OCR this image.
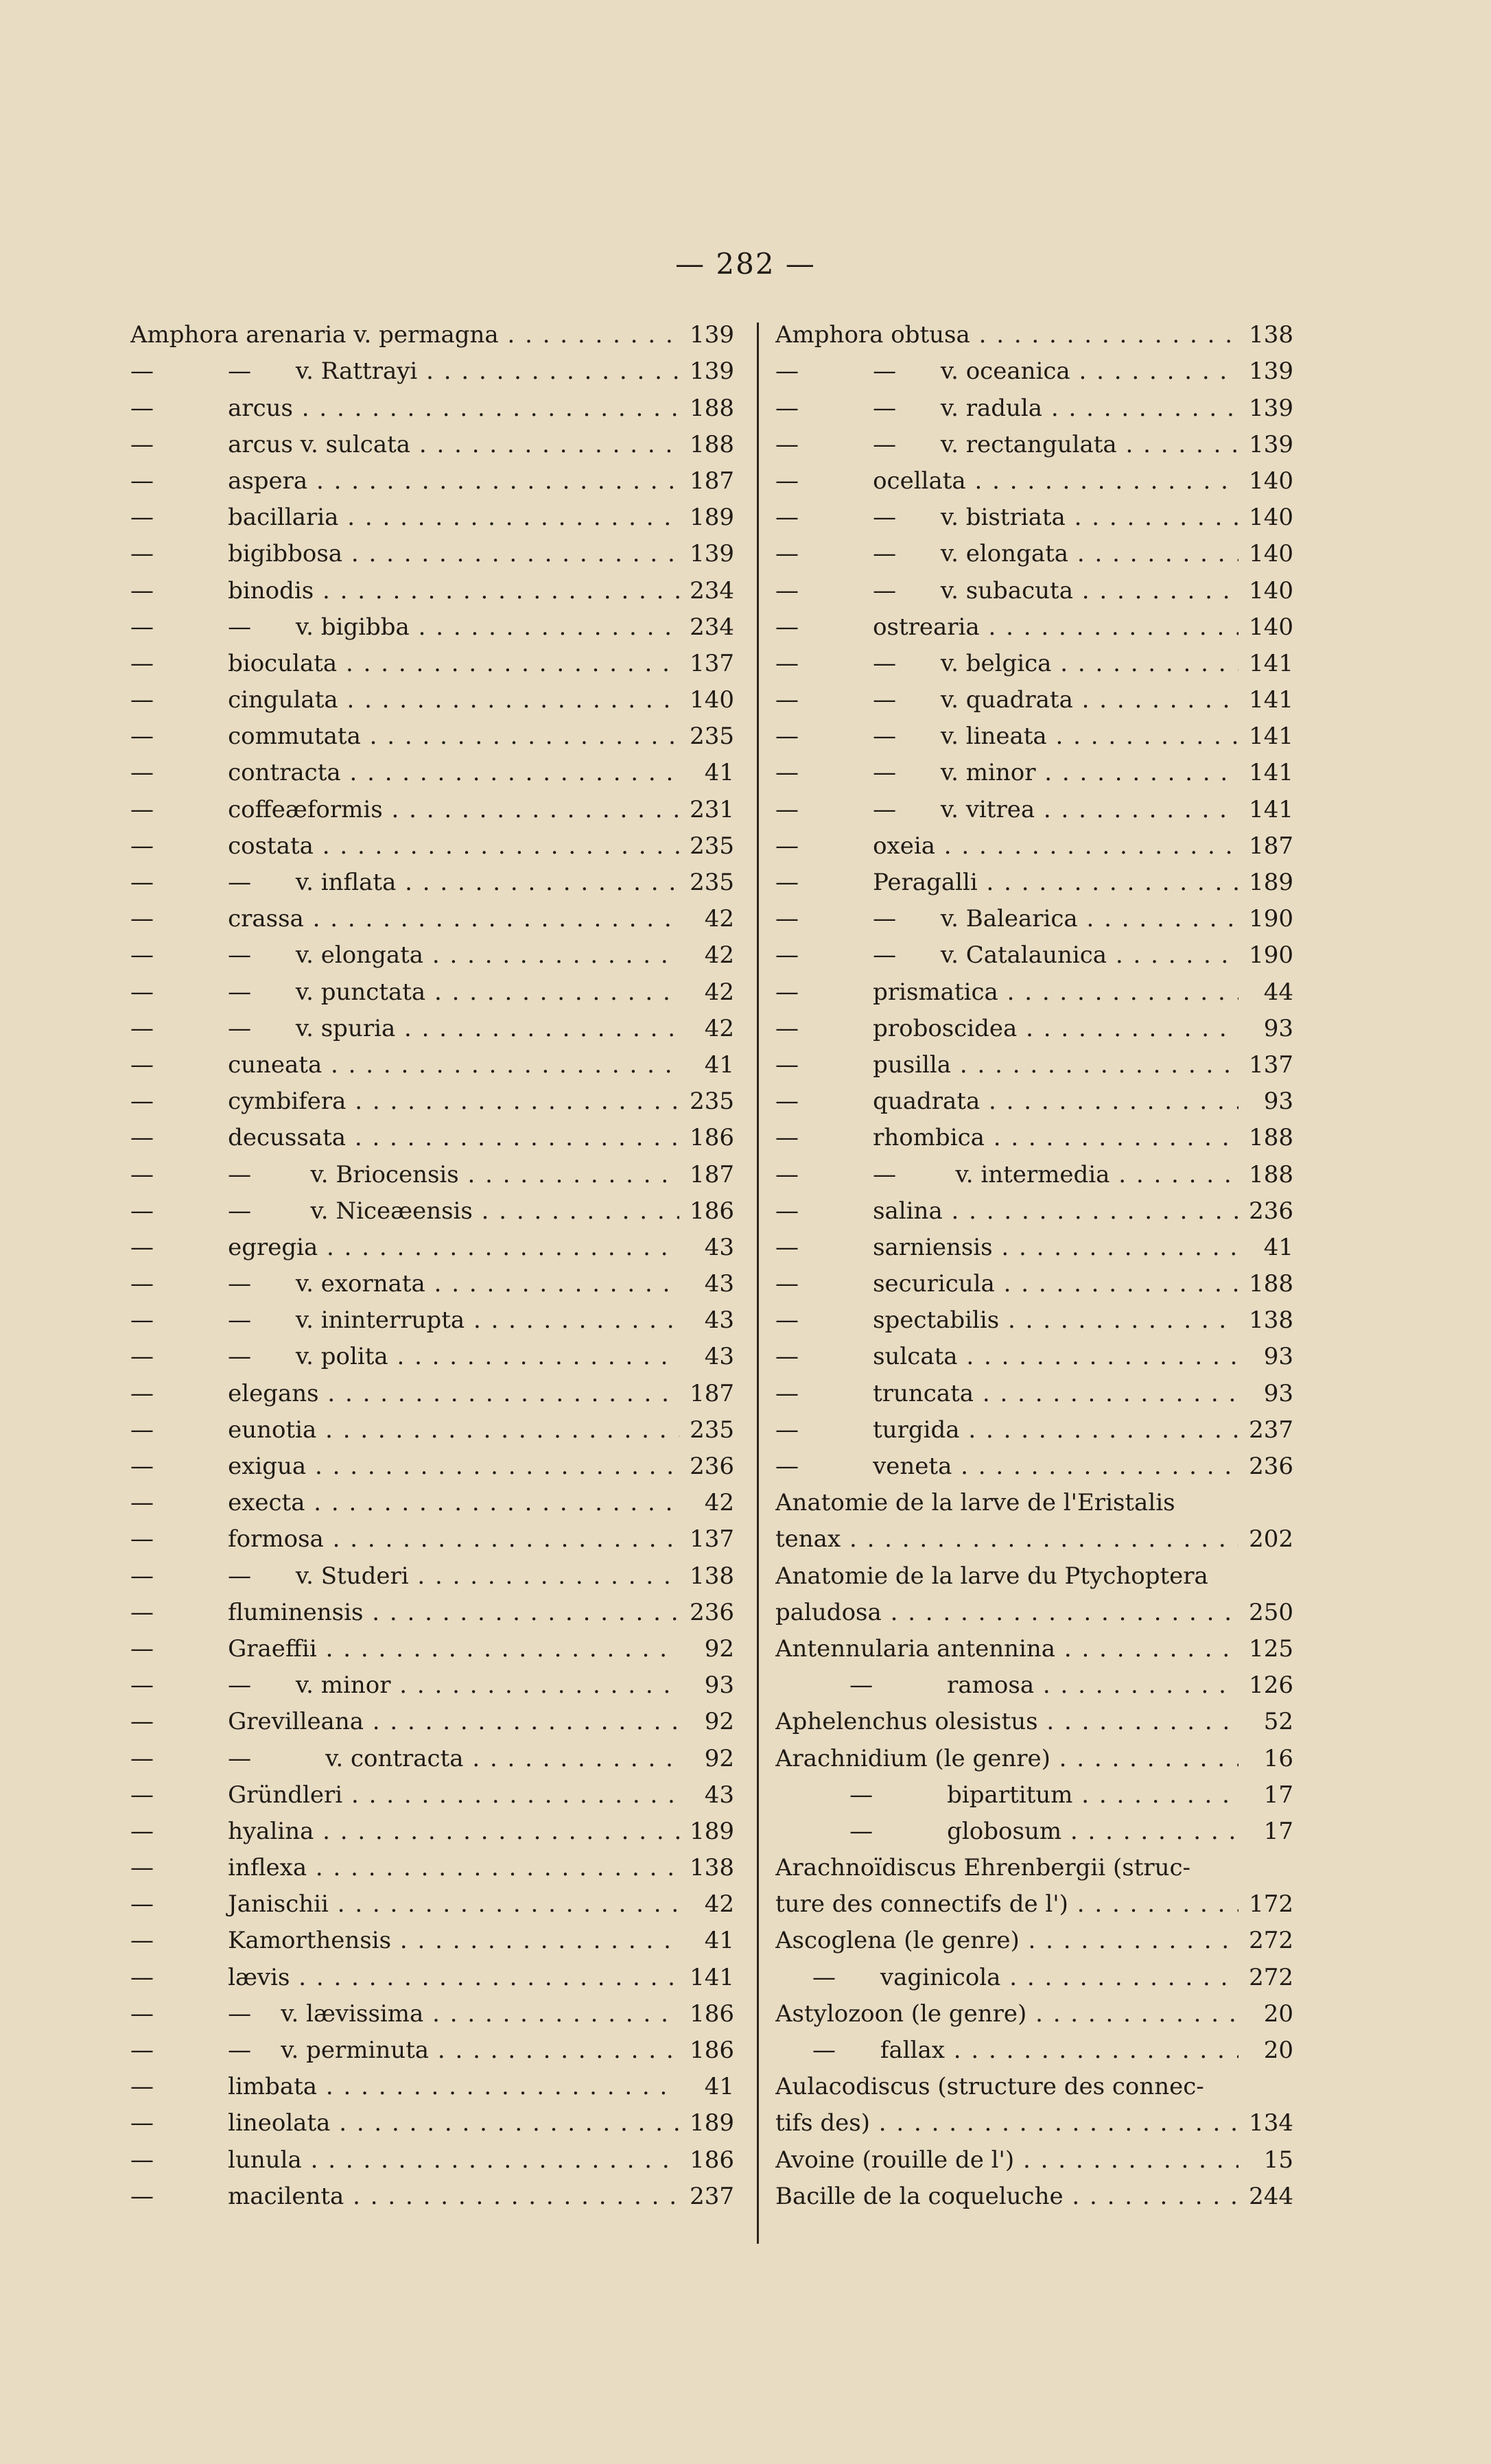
— 282 —
Amphora arenaria v. permagna . . .	139
—          —      v. Rattrayi . . .	139
—          arcus . . .	188
—          arcus v. sulcata . . .	188
—          aspera . . .	187
—          bacillaria . . .	189
—          bigibbosa . . .	139
—          binodis . . .	234
—          —      v. bigibba . . .	234
—          bioculata . . .	137
—          cingulata . . .	140
—          commutata . . .	235
—          contracta . . .	41
—          coffeæformis . . .	231
—          costata . . .	235
—          —      v. inflata . . .	235
—          crassa . . .	42
—          —      v. elongata . . .	42
—          —      v. punctata . . .	42
—          —      v. spuria . . .	42
—          cuneata . . .	41
—          cymbifera . . .	235
—          decussata . . .	186
—          —        v. Briocensis . . .	187
—          —        v. Niceæensis . . .	186
—          egregia . . .	43
—          —      v. exornata . . .	43
—          —      v. ininterrupta . . .	43
—          —      v. polita . . .	43
—          elegans . . .	187
—          eunotia . . .	235
—          exigua . . .	236
—          execta . . .	42
—          formosa . . .	137
—          —      v. Studeri . . .	138
—          fluminensis . . .	236
—          Graeffii . . .	92
—          —      v. minor . . .	93
—          Grevilleana . . .	92
—          —          v. contracta . . .	92
—          Gründleri . . .	43
—          hyalina . . .	189
—          inflexa . . .	138
—          Janischii . . .	42
—          Kamorthensis . . .	41
—          lævis . . .	141
—          —    v. lævissima . . .	186
—          —    v. perminuta . . .	186
—          limbata . . .	41
—          lineolata . . .	189
—          lunula . . .	186
—          macilenta . . .	237
Amphora obtusa . . .	138
—          —      v. oceanica . . .	139
—          —      v. radula . . .	139
—          —      v. rectangulata . . .	139
—          ocellata . . .	140
—          —      v. bistriata . . .	140
—          —      v. elongata . . .	140
—          —      v. subacuta . . .	140
—          ostrearia . . .	140
—          —      v. belgica . . .	141
—          —      v. quadrata . . .	141
—          —      v. lineata . . .	141
—          —      v. minor . . .	141
—          —      v. vitrea . . .	141
—          oxeia . . .	187
—          Peragalli . . .	189
—          —      v. Balearica . . .	190
—          —      v. Catalaunica . . .	190
—          prismatica . . .	44
—          proboscidea . . .	93
—          pusilla . . .	137
—          quadrata . . .	93
—          rhombica . . .	188
—          —        v. intermedia . . .	188
—          salina . . .	236
—          sarniensis . . .	41
—          securicula . . .	188
—          spectabilis . . .	138
—          sulcata . . .	93
—          truncata . . .	93
—          turgida . . .	237
—          veneta . . .	236
Anatomie de la larve de l'Eristalis
tenax . . .	202
Anatomie de la larve du Ptychoptera
paludosa . . .	250
Antennularia antennina . . .	125
—          ramosa . . .	126
Aphelenchus olesistus . . .	52
Arachnidium (le genre) . . .	16
—          bipartitum . . .	17
—          globosum . . .	17
Arachnoïdiscus Ehrenbergii (struc-
ture des connectifs de l') . . .	172
Ascoglena (le genre) . . .	272
—      vaginicola . . .	272
Astylozoon (le genre) . . .	20
—      fallax . . .	20
Aulacodiscus (structure des connec-
tifs des) . . .	134
Avoine (rouille de l') . . .	15
Bacille de la coqueluche . . .	244
